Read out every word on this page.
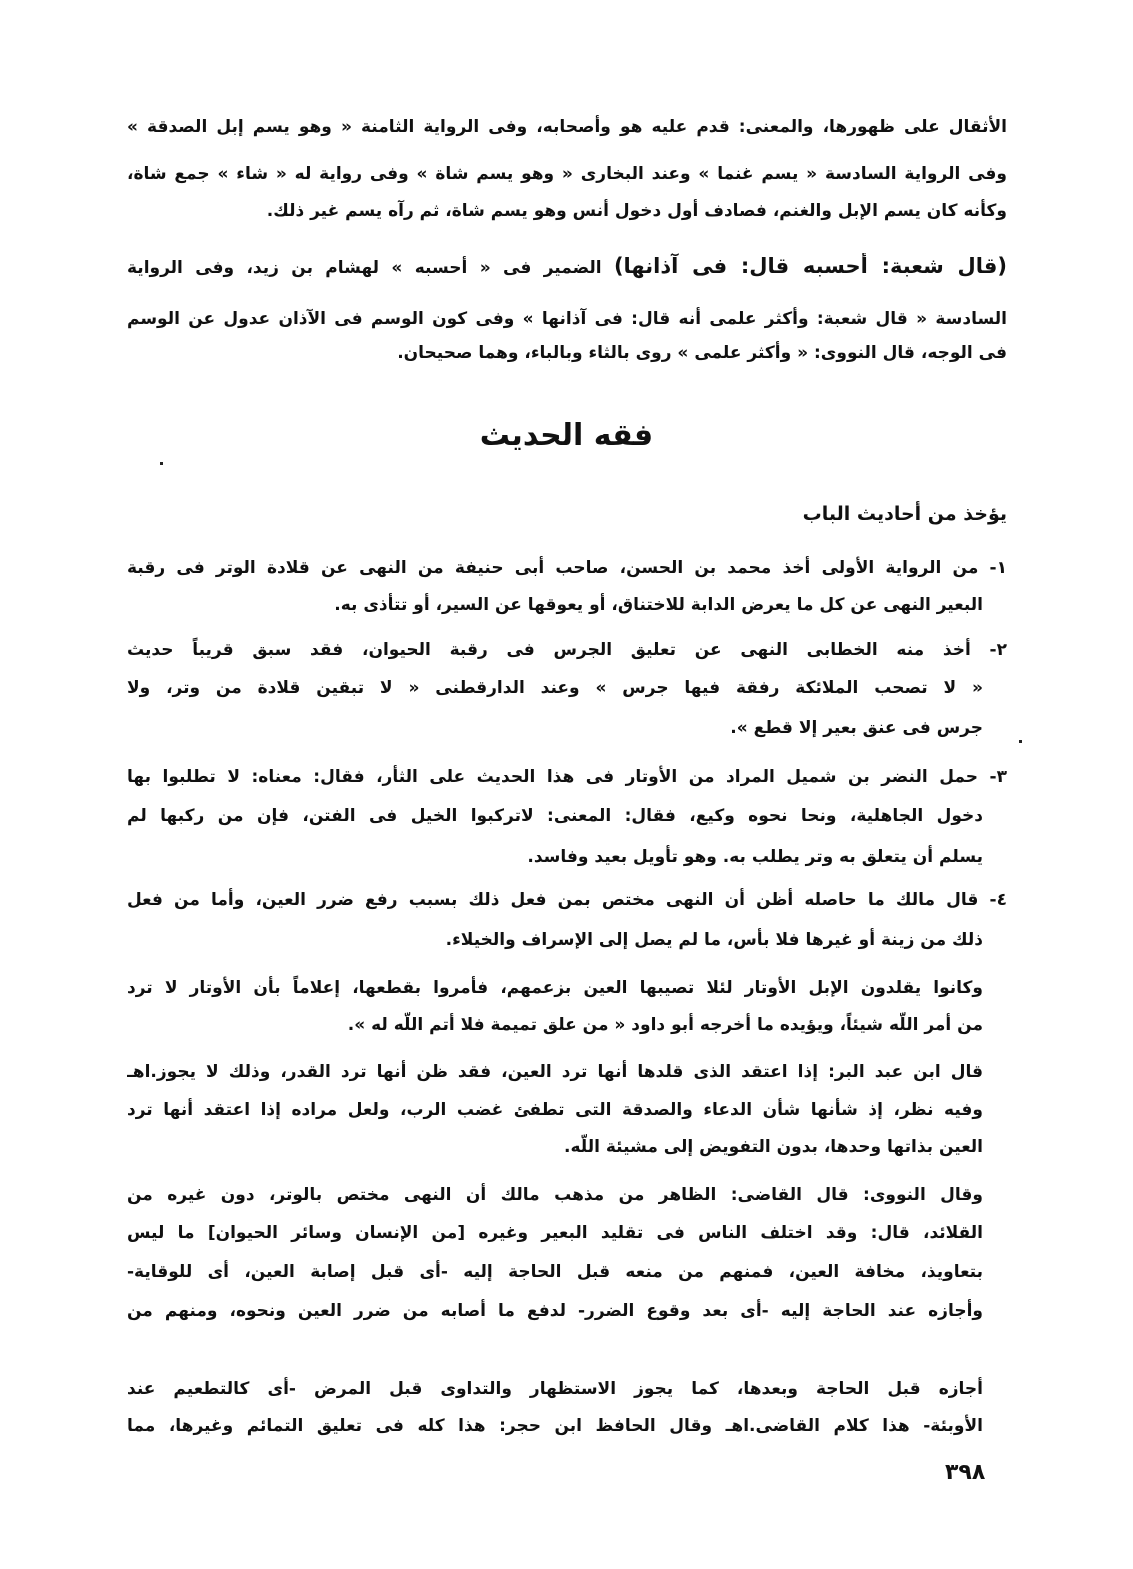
الأثقال على ظهورها، والمعنى: قدم عليه هو وأصحابه، وفى الرواية الثامنة « وهو يسم إبل الصدقة »
وفى الرواية السادسة « يسم غنما » وعند البخارى « وهو يسم شاة » وفى رواية له « شاء » جمع شاة،
وكأنه كان يسم الإبل والغنم، فصادف أول دخول أنس وهو يسم شاة، ثم رآه يسم غير ذلك.
(قال شعبة: أحسبه قال: فى آذانها) الضمير فى « أحسبه » لهشام بن زيد، وفى الرواية
السادسة « قال شعبة: وأكثر علمى أنه قال: فى آذانها » وفى كون الوسم فى الآذان عدول عن الوسم
فى الوجه، قال النووى: « وأكثر علمى » روى بالثاء وبالباء، وهما صحيحان.
فقه الحديث
يؤخذ من أحاديث الباب
١- من الرواية الأولى أخذ محمد بن الحسن، صاحب أبى حنيفة من النهى عن قلادة الوتر فى رقبة
البعير النهى عن كل ما يعرض الدابة للاختناق، أو يعوقها عن السير، أو تتأذى به.
٢- أخذ منه الخطابى النهى عن تعليق الجرس فى رقبة الحيوان، فقد سبق قريباً حديث
« لا تصحب الملائكة رفقة فيها جرس » وعند الدارقطنى « لا تبقين قلادة من وتر، ولا
جرس فى عنق بعير إلا قطع ».
٣- حمل النضر بن شميل المراد من الأوتار فى هذا الحديث على الثأر، فقال: معناه: لا تطلبوا بها
دخول الجاهلية، ونحا نحوه وكيع، فقال: المعنى: لاتركبوا الخيل فى الفتن، فإن من ركبها لم
يسلم أن يتعلق به وتر يطلب به. وهو تأويل بعيد وفاسد.
٤- قال مالك ما حاصله أظن أن النهى مختص بمن فعل ذلك بسبب رفع ضرر العين، وأما من فعل
ذلك من زينة أو غيرها فلا بأس، ما لم يصل إلى الإسراف والخيلاء.
وكانوا يقلدون الإبل الأوتار لئلا تصيبها العين بزعمهم، فأمروا بقطعها، إعلاماً بأن الأوتار لا ترد
من أمر اللَّه شيئاً، ويؤيده ما أخرجه أبو داود « من علق تميمة فلا أتم اللَّه له ».
قال ابن عبد البر: إذا اعتقد الذى قلدها أنها ترد العين، فقد ظن أنها ترد القدر، وذلك لا يجوز.اهـ
وفيه نظر، إذ شأنها شأن الدعاء والصدقة التى تطفئ غضب الرب، ولعل مراده إذا اعتقد أنها ترد
العين بذاتها وحدها، بدون التفويض إلى مشيئة اللَّه.
وقال النووى: قال القاضى: الظاهر من مذهب مالك أن النهى مختص بالوتر، دون غيره من
القلائد، قال: وقد اختلف الناس فى تقليد البعير وغيره [من الإنسان وسائر الحيوان] ما ليس
بتعاويذ، مخافة العين، فمنهم من منعه قبل الحاجة إليه -أى قبل إصابة العين، أى للوقاية-
وأجازه عند الحاجة إليه -أى بعد وقوع الضرر- لدفع ما أصابه من ضرر العين ونحوه، ومنهم من
أجازه قبل الحاجة وبعدها، كما يجوز الاستظهار والتداوى قبل المرض -أى كالتطعيم عند
الأوبئة- هذا كلام القاضى.اهـ وقال الحافظ ابن حجر: هذا كله فى تعليق التمائم وغيرها، مما
٣٩٨
